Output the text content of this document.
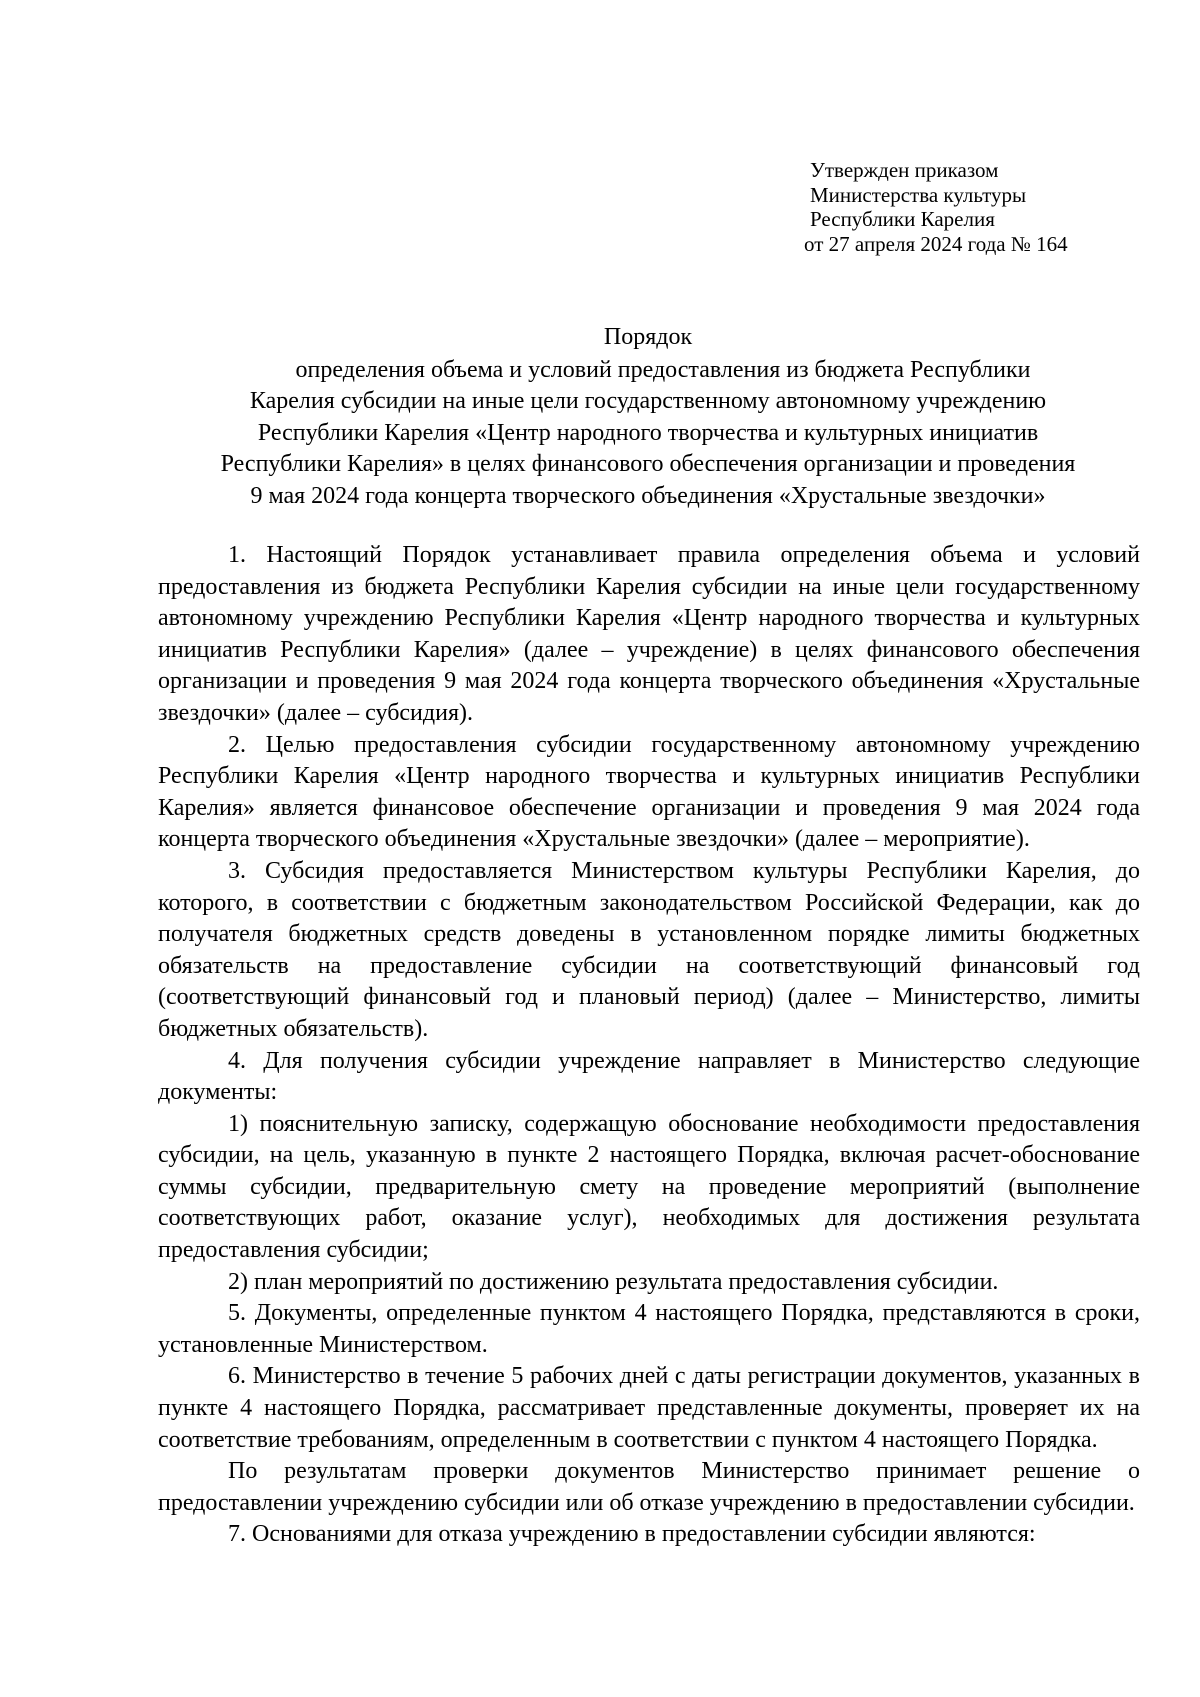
Утвержден приказом
Министерства культуры
Республики Карелия
от 27 апреля 2024 года № 164
Порядок
определения объема и условий предоставления из бюджета Республики
Карелия субсидии на иные цели государственному автономному учреждению
Республики Карелия «Центр народного творчества и культурных инициатив
Республики Карелия» в целях финансового обеспечения организации и проведения
9 мая 2024 года концерта творческого объединения «Хрустальные звездочки»

1. Настоящий Порядок устанавливает правила определения объема и условий предоставления из бюджета Республики Карелия субсидии на иные цели государственному автономному учреждению Республики Карелия «Центр народного творчества и культурных инициатив Республики Карелия» (далее – учреждение) в целях финансового обеспечения организации и проведения 9 мая 2024 года концерта творческого объединения «Хрустальные звездочки» (далее – субсидия).

2. Целью предоставления субсидии государственному автономному учреждению Республики Карелия «Центр народного творчества и культурных инициатив Республики Карелия» является финансовое обеспечение организации и проведения 9 мая 2024 года концерта творческого объединения «Хрустальные звездочки» (далее – мероприятие).

3. Субсидия предоставляется Министерством культуры Республики Карелия, до которого, в соответствии с бюджетным законодательством Российской Федерации, как до получателя бюджетных средств доведены в установленном порядке лимиты бюджетных обязательств на предоставление субсидии на соответствующий финансовый год (соответствующий финансовый год и плановый период) (далее – Министерство, лимиты бюджетных обязательств).

4. Для получения субсидии учреждение направляет в Министерство следующие документы:

1) пояснительную записку, содержащую обоснование необходимости предоставления субсидии, на цель, указанную в пункте 2 настоящего Порядка, включая расчет-обоснование суммы субсидии, предварительную смету на проведение мероприятий (выполнение соответствующих работ, оказание услуг), необходимых для достижения результата предоставления субсидии;

2) план мероприятий по достижению результата предоставления субсидии.

5. Документы, определенные пунктом 4 настоящего Порядка, представляются в сроки, установленные Министерством.

6. Министерство в течение 5 рабочих дней с даты регистрации документов, указанных в пункте 4 настоящего Порядка, рассматривает представленные документы, проверяет их на соответствие требованиям, определенным в соответствии с пунктом 4 настоящего Порядка.

По результатам проверки документов Министерство принимает решение о предоставлении учреждению субсидии или об отказе учреждению в предоставлении субсидии.

7. Основаниями для отказа учреждению в предоставлении субсидии являются:
